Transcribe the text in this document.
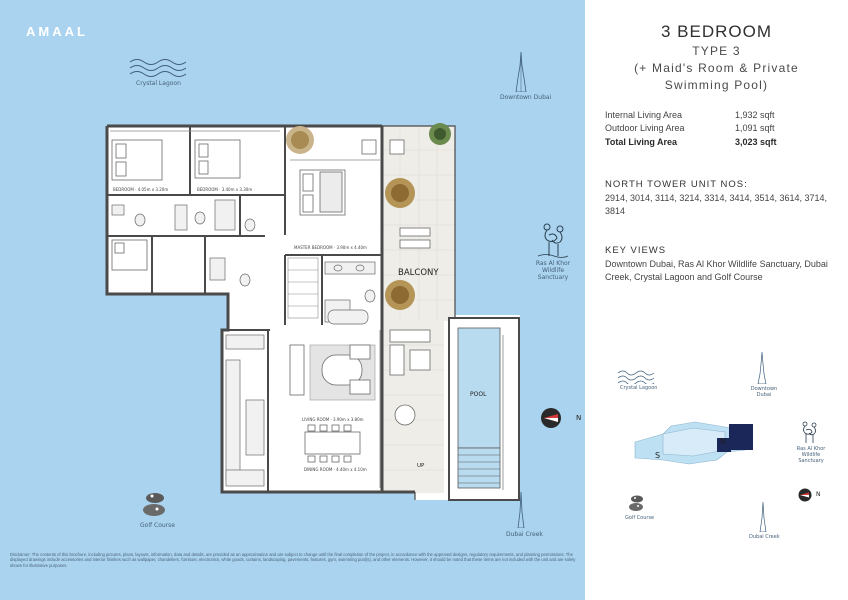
AMAAL
Crystal Lagoon
Downtown Dubai
Ras Al Khor Wildlife Sanctuary
N
Golf Course
Dubai Creek
BEDROOM · 4.05m x 3.20m	BEDROOM · 3.40m x 3.30m
MASTER BEDROOM · 3.90m x 4.40m
BALCONY
POOL
LIVING ROOM · 3.90m x 3.80m
DINING ROOM · 4.40m x 4.10m
UP
Disclaimer: The contents of this brochure, including pictures, plans, layouts, information, data and details, are provided as an approximation and are subject to change until the final completion of the project, in accordance with the approved designs, regulatory requirements, and planning permissions. The displayed drawings include accessories and interior finishes such as wallpaper, chandeliers, furniture, electronics, white goods, curtains, landscaping, pavements, features, gym, swimming pool(s), and other elements. However, it should be noted that these items are not included with the unit and are solely shown for illustrative purposes.
3 BEDROOM
TYPE 3
(+ Maid's Room & Private
Swimming Pool)
Internal Living Area	1,932 sqft
Outdoor Living Area	1,091 sqft
Total Living Area	3,023 sqft
NORTH TOWER UNIT NOS:
2914, 3014, 3114, 3214, 3314, 3414, 3514, 3614, 3714, 3814
KEY VIEWS
Downtown Dubai, Ras Al Khor Wildlife Sanctuary, Dubai Creek, Crystal Lagoon and Golf Course
Crystal Lagoon	Downtown Dubai
S
N
Ras Al Khor Wildlife Sanctuary
N
Golf Course
Dubai Creek
